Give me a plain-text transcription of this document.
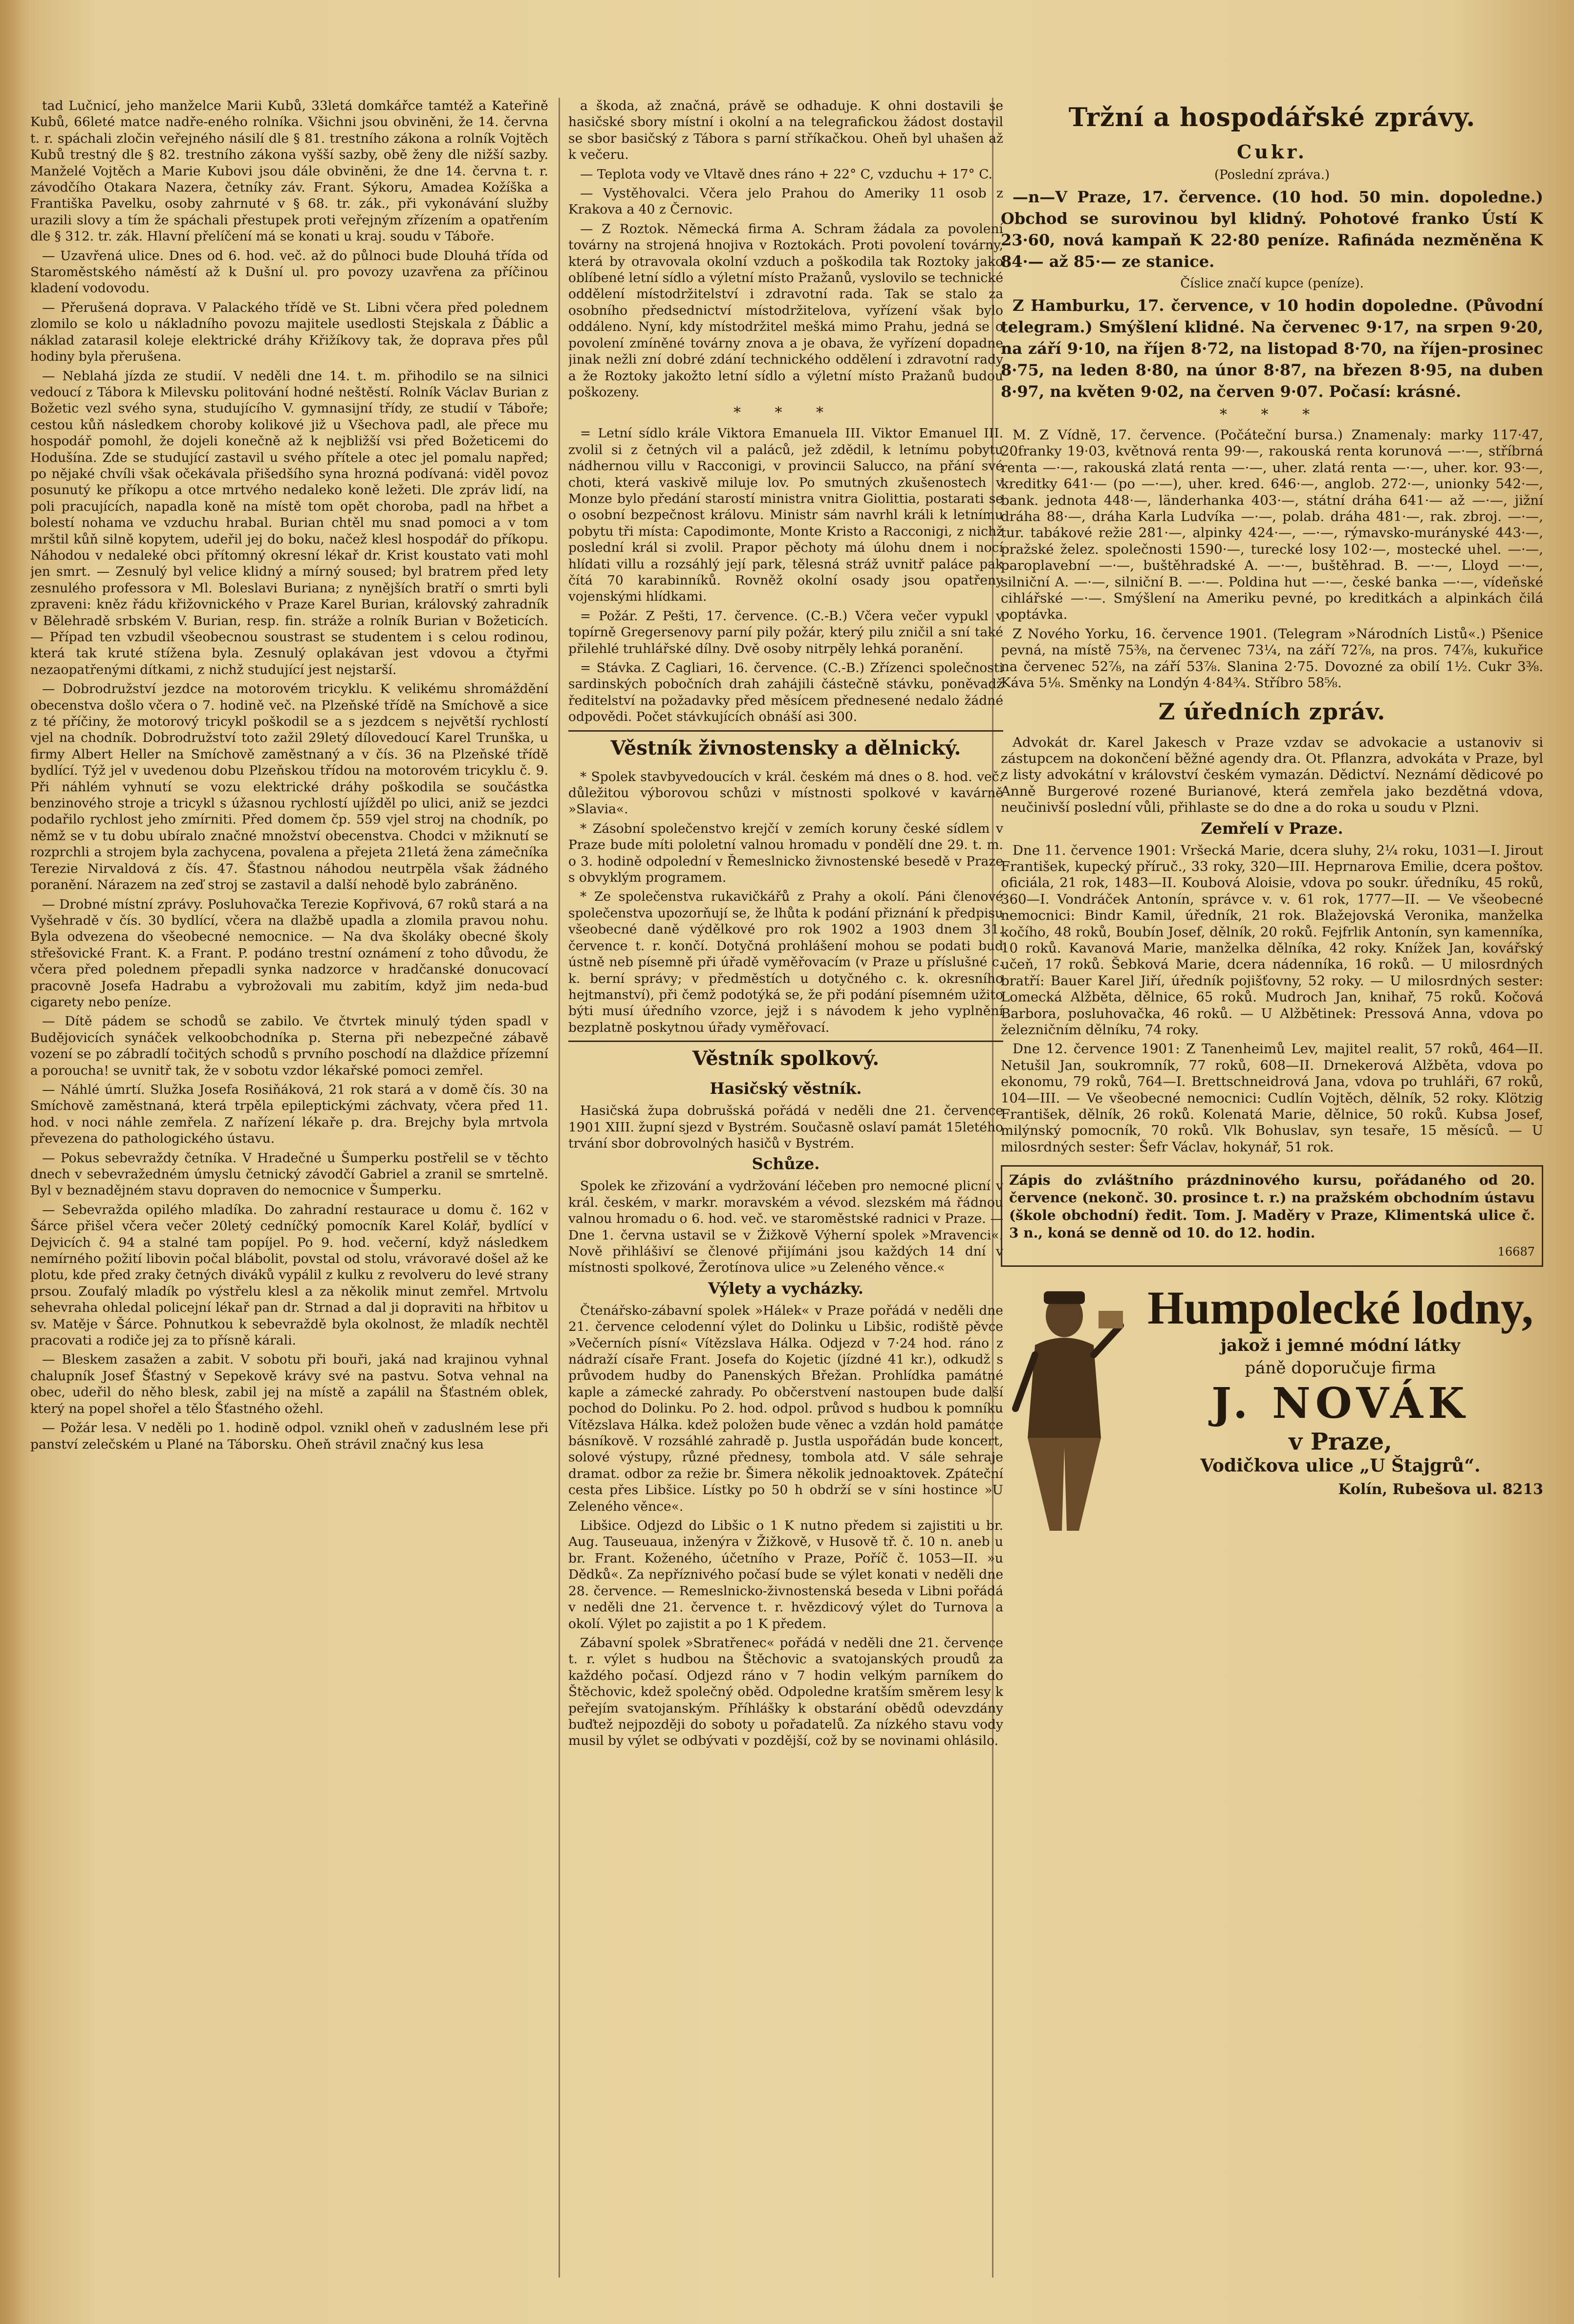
tad Lučnicí, jeho manželce Marii Kubů, 33letá domkářce tamtéž a Kateřině Kubů, 66leté matce nadře-eného rolníka. Všichni jsou obviněni, že 14. června t. r. spáchali zločin veřejného násilí dle § 81. trestního zákona a rolník Vojtěch Kubů trestný dle § 82. trestního zákona vyšší sazby, obě ženy dle nižší sazby. Manželé Vojtěch a Marie Kubovi jsou dále obviněni, že dne 14. června t. r. závodčího Otakara Nazera, četníky záv. Frant. Sýkoru, Amadea Kožíška a Františka Pavelku, osoby zahrnuté v § 68. tr. zák., při vykonávání služby urazili slovy a tím že spáchali přestupek proti veřejným zřízením a opatřením dle § 312. tr. zák. Hlavní přelíčení má se konati u kraj. soudu v Táboře.

— Uzavřená ulice. Dnes od 6. hod. več. až do půlnoci bude Dlouhá třída od Staroměstského náměstí až k Dušní ul. pro povozy uzavřena za příčinou kladení vodovodu.

— Přerušená doprava. V Palackého třídě ve St. Libni včera před polednem zlomilo se kolo u nákladního povozu majitele usedlosti Stejskala z Ďáblic a náklad zatarasil koleje elektrické dráhy Křižíkovy tak, že doprava přes půl hodiny byla přerušena.

— Neblahá jízda ze studií. V neděli dne 14. t. m. přihodilo se na silnici vedoucí z Tábora k Milevsku politování hodné neštěstí. Rolník Václav Burian z Božetic vezl svého syna, studujícího V. gymnasijní třídy, ze studií v Táboře; cestou kůň následkem choroby kolikové již u Všechova padl, ale přece mu hospodář pomohl, že dojeli konečně až k nejbližší vsi před Božeticemi do Hodušína. Zde se studující zastavil u svého přítele a otec jel pomalu napřed; po nějaké chvíli však očekávala přišedšího syna hrozná podívaná: viděl povoz posunutý ke příkopu a otce mrtvého nedaleko koně ležeti. Dle zpráv lidí, na poli pracujících, napadla koně na místě tom opět choroba, padl na hřbet a bolestí nohama ve vzduchu hrabal. Burian chtěl mu snad pomoci a v tom mrštil kůň silně kopytem, udeřil jej do boku, načež klesl hospodář do příkopu. Náhodou v nedaleké obci přítomný okresní lékař dr. Krist koustato vati mohl jen smrt. — Zesnulý byl velice klidný a mírný soused; byl bratrem před lety zesnulého professora v Ml. Boleslavi Buriana; z nynějších bratří o smrti byli zpraveni: kněz řádu křižovnického v Praze Karel Burian, královský zahradník v Bělehradě srbském V. Burian, resp. fin. stráže a rolník Burian v Božeticích. — Případ ten vzbudil všeobecnou soustrast se studentem i s celou rodinou, která tak kruté stížena byla. Zesnulý oplakávan jest vdovou a čtyřmi nezaopatřenými dítkami, z nichž studující jest nejstarší.

— Dobrodružství jezdce na motorovém tricyklu. K velikému shromáždění obecenstva došlo včera o 7. hodině več. na Plzeňské třídě na Smíchově a sice z té příčiny, že motorový tricykl poškodil se a s jezdcem s největší rychlostí vjel na chodník. Dobrodružství toto zažil 29letý dílovedoucí Karel Trunška, u firmy Albert Heller na Smíchově zaměstnaný a v čís. 36 na Plzeňské třídě bydlící. Týž jel v uvedenou dobu Plzeňskou třídou na motorovém tricyklu č. 9. Při náhlém vyhnutí se vozu elektrické dráhy poškodila se součástka benzinového stroje a tricykl s úžasnou rychlostí ujížděl po ulici, aniž se jezdci podařilo rychlost jeho zmírniti. Před domem čp. 559 vjel stroj na chodník, po němž se v tu dobu ubíralo značné množství obecenstva. Chodci v mžiknutí se rozprchli a strojem byla zachycena, povalena a přejeta 21letá žena zámečníka Terezie Nirvaldová z čís. 47. Šťastnou náhodou neutrpěla však žádného poranění. Nárazem na zeď stroj se zastavil a další nehodě bylo zabráněno.

— Drobné místní zprávy. Posluhovačka Terezie Kopřivová, 67 roků stará a na Vyšehradě v čís. 30 bydlící, včera na dlažbě upadla a zlomila pravou nohu. Byla odvezena do všeobecné nemocnice. — Na dva školáky obecné školy střešovické Frant. K. a Frant. P. podáno trestní oznámení z toho důvodu, že včera před polednem přepadli synka nadzorce v hradčanské donucovací pracovně Josefa Hadrabu a vybrožovali mu zabitím, když jim neda-bud cigarety nebo peníze.

— Dítě pádem se schodů se zabilo. Ve čtvrtek minulý týden spadl v Budějovicích synáček velkoobchodníka p. Sterna při nebezpečné zábavě vození se po zábradlí točitých schodů s prvního poschodí na dlaždice přízemní a poroucha! se uvnitř tak, že v sobotu vzdor lékařské pomoci zemřel.

— Náhlé úmrtí. Služka Josefa Rosiňáková, 21 rok stará a v domě čís. 30 na Smíchově zaměstnaná, která trpěla epileptickými záchvaty, včera před 11. hod. v noci náhle zemřela. Z nařízení lékaře p. dra. Brejchy byla mrtvola převezena do pathologického ústavu.

— Pokus sebevraždy četníka. V Hradečné u Šumperku postřelil se v těchto dnech v sebevražedném úmyslu četnický závodčí Gabriel a zranil se smrtelně. Byl v beznadějném stavu dopraven do nemocnice v Šumperku.

— Sebevražda opilého mladíka. Do zahradní restaurace u domu č. 162 v Šárce přišel včera večer 20letý cedníčký pomocník Karel Kolář, bydlící v Dejvicích č. 94 a stalné tam popíjel. Po 9. hod. večerní, když následkem nemírného požití libovin počal blábolit, povstal od stolu, vrávoravé došel až ke plotu, kde před zraky četných diváků vypálil z kulku z revolveru do levé strany prsou. Zoufalý mladík po výstřelu klesl a za několik minut zemřel. Mrtvolu sehevraha ohledal policejní lékař pan dr. Strnad a dal ji dopraviti na hřbitov u sv. Matěje v Šárce. Pohnutkou k sebevraždě byla okolnost, že mladík nechtěl pracovati a rodiče jej za to přísně kárali.

— Bleskem zasažen a zabit. V sobotu při bouři, jaká nad krajinou vyhnal chalupník Josef Šťastný v Sepekově krávy své na pastvu. Sotva vehnal na obec, udeřil do něho blesk, zabil jej na místě a zapálil na Šťastném oblek, který na popel shořel a tělo Šťastného ožehl.

— Požár lesa. V neděli po 1. hodině odpol. vznikl oheň v zaduslném lese při panství zelečském u Plané na Táborsku. Oheň strávil značný kus lesa

a škoda, až značná, právě se odhaduje. K ohni dostavili se hasičské sbory místní i okolní a na telegrafickou žádost dostavil se sbor basičský z Tábora s parní stříkačkou. Oheň byl uhašen až k večeru.

— Teplota vody ve Vltavě dnes ráno + 22° C, vzduchu + 17° C.

— Vystěhovalci. Včera jelo Prahou do Ameriky 11 osob z Krakova a 40 z Černovic.

— Z Roztok. Německá firma A. Schram žádala za povolení továrny na strojená hnojiva v Roztokách. Proti povolení továrny, která by otravovala okolní vzduch a poškodila tak Roztoky jako oblíbené letní sídlo a výletní místo Pražanů, vyslovilo se technické oddělení místodržitelství i zdravotní rada. Tak se stalo za osobního předsednictví místodržitelova, vyřízení však bylo oddáleno. Nyní, kdy místodržitel mešká mimo Prahu, jedná se o povolení zmíněné továrny znova a je obava, že vyřízení dopadne jinak nežli zní dobré zdání technického oddělení i zdravotní rady a že Roztoky jakožto letní sídlo a výletní místo Pražanů budou poškozeny.

* * *

= Letní sídlo krále Viktora Emanuela III. Viktor Emanuel III. zvolil si z četných vil a paláců, jež zdědil, k letnímu pobytu nádhernou villu v Racconigi, v provincii Salucco, na přání své choti, která vaskivě miluje lov. Po smutných zkušenostech v Monze bylo předání starostí ministra vnitra Giolittia, postarati se o osobní bezpečnost královu. Ministr sám navrhl králi k letnímu pobytu tři místa: Capodimonte, Monte Kristo a Racconigi, z nichž poslední král si zvolil. Prapor pěchoty má úlohu dnem i nocí hlídati villu a rozsáhlý její park, tělesná stráž uvnitř paláce pak čítá 70 karabinníků. Rovněž okolní osady jsou opatřeny vojenskými hlídkami.

= Požár. Z Pešti, 17. července. (C.-B.) Včera večer vypukl v topírně Gregersenovy parní pily požár, který pilu zničil a sní také přilehlé truhlářské dílny. Dvě osoby nitrpěly lehká poranění.

= Stávka. Z Cagliari, 16. července. (C.-B.) Zřízenci společnosti sardinských pobočních drah zahájili částečně stávku, poněvadž ředitelství na požadavky před měsícem přednesené nedalo žádné odpovědi. Počet stávkujících obnáší asi 300.

Věstník živnostensky a dělnický.

* Spolek stavbyvedoucích v král. českém má dnes o 8. hod. več. důležitou výborovou schůzi v místnosti spolkové v kavárně »Slavia«.

* Zásobní společenstvo krejčí v zemích koruny české sídlem v Praze bude míti pololetní valnou hromadu v pondělí dne 29. t. m. o 3. hodině odpolední v Řemeslnicko živnostenské besedě v Praze s obvyklým programem.

* Ze společenstva rukavičkářů z Prahy a okolí. Páni členové společenstva upozorňují se, že lhůta k podání přiznání k předpisu všeobecné daně výdělkové pro rok 1902 a 1903 dnem 31. července t. r. končí. Dotyčná prohlášení mohou se podati buď ústně neb písemně při úřadě vyměřovacím (v Praze u příslušné c. k. berní správy; v předměstích u dotyčného c. k. okresního hejtmanství), při čemž podotýká se, že při podání písemném užito býti musí úředního vzorce, jejž i s návodem k jeho vyplnění bezplatně poskytnou úřady vyměřovací.

Věstník spolkový.
Hasičský věstník.

Hasičská župa dobrušská pořádá v neděli dne 21. července 1901 XIII. župní sjezd v Bystrém. Současně oslaví památ 15letého trvání sbor dobrovolných hasičů v Bystrém.

Schůze.

Spolek ke zřizování a vydržování léčeben pro nemocné plicní v král. českém, v markr. moravském a vévod. slezském má řádnou valnou hromadu o 6. hod. več. ve staroměstské radnici v Praze. — Dne 1. června ustavil se v Žižkově Výherní spolek »Mravenci«. Nově přihlášiví se členové přijímáni jsou každých 14 dní v místnosti spolkové, Žerotínova ulice »u Zeleného věnce.«

Výlety a vycházky.

Čtenářsko-zábavní spolek »Hálek« v Praze pořádá v neděli dne 21. července celodenní výlet do Dolinku u Libšic, rodiště pěvce »Večerních písní« Vítězslava Hálka. Odjezd v 7·24 hod. ráno z nádraží císaře Frant. Josefa do Kojetic (jízdné 41 kr.), odkudž s průvodem hudby do Panenských Břežan. Prohlídka památné kaple a zámecké zahrady. Po občerstvení nastoupen bude další pochod do Dolinku. Po 2. hod. odpol. průvod s hudbou k pomníku Vítězslava Hálka. kdež položen bude věnec a vzdán hold památce básníkově. V rozsáhlé zahradě p. Justla uspořádán bude koncert, solové výstupy, různé přednesy, tombola atd. V sále sehraje dramat. odbor za režie br. Šimera několik jednoaktovek. Zpáteční cesta přes Libšice. Lístky po 50 h obdrží se v síni hostince »U Zeleného věnce«.

Libšice. Odjezd do Libšic o 1 K nutno předem si zajistiti u br. Aug. Tauseuaua, inženýra v Žižkově, v Husově tř. č. 10 n. aneb u br. Frant. Koženého, účetního v Praze, Poříč č. 1053—II. »u Dědků«. Za nepříznivého počasí bude se výlet konati v neděli dne 28. července. — Remeslnicko-živnostenská beseda v Libni pořádá v neděli dne 21. července t. r. hvězdicový výlet do Turnova a okolí. Výlet po zajistit a po 1 K předem.

Zábavní spolek »Sbratřenec« pořádá v neděli dne 21. července t. r. výlet s hudbou na Štěchovic a svatojanských proudů za každého počasí. Odjezd ráno v 7 hodin velkým parníkem do Štěchovic, kdež společný oběd. Odpoledne kratším směrem lesy k peřejím svatojanským. Příhlášky k obstarání obědů odevzdány buďtež nejpozději do soboty u pořadatelů. Za nízkého stavu vody musil by výlet se odbývati v pozdější, což by se novinami ohlásilo.

Tržní a hospodářské zprávy.
Cukr.
(Poslední zpráva.)
—n—V Praze, 17. července. (10 hod. 50 min. dopoledne.) Obchod se surovinou byl klidný. Pohotové franko Ústí K 23·60, nová kampaň K 22·80 peníze. Rafináda nezměněna K 84·— až 85·— ze stanice.
Číslice značí kupce (peníze).
Z Hamburku, 17. července, v 10 hodin dopoledne. (Původní telegram.) Smýšlení klidné. Na červenec 9·17, na srpen 9·20, na září 9·10, na říjen 8·72, na listopad 8·70, na říjen-prosinec 8·75, na leden 8·80, na únor 8·87, na březen 8·95, na duben 8·97, na květen 9·02, na červen 9·07. Počasí: krásné.
* * *

M. Z Vídně, 17. července. (Počáteční bursa.) Znamenaly: marky 117·47, 20franky 19·03, květnová renta 99·—, rakouská renta korunová —·—, stříbrná renta —·—, rakouská zlatá renta —·—, uher. zlatá renta —·—, uher. kor. 93·—, kreditky 641·— (po —·—), uher. kred. 646·—, anglob. 272·—, unionky 542·—, bank. jednota 448·—, länderhanka 403·—, státní dráha 641·— až —·—, jižní dráha 88·—, dráha Karla Ludvíka —·—, polab. dráha 481·—, rak. zbroj. —·—, tur. tabákové režie 281·—, alpinky 424·—, —·—, rýmavsko-murányské 443·—, pražské želez. společnosti 1590·—, turecké losy 102·—, mostecké uhel. —·—, paroplavební —·—, buštěhradské A. —·—, buštěhrad. B. —·—, Lloyd —·—, silniční A. —·—, silniční B. —·—. Poldina hut —·—, české bankа —·—, vídeňské cihlářské —·—. Smýšlení na Ameriku pevné, po kreditkách a alpinkách čilá poptávka.

Z Nového Yorku, 16. července 1901. (Telegram »Národních Listů«.) Pšenice pevná, na místě 75⅜, na červenec 73¼, na září 72⅞, na pros. 74⅞, kukuřice na červenec 52⅞, na září 53⅞. Slanina 2·75. Dovozné za obilí 1½. Cukr 3⅜. Káva 5⅛. Směnky na Londýn 4·84¾. Stříbro 58⅝.

Z úředních zpráv.

Advokát dr. Karel Jakesch v Praze vzdav se advokacie a ustanoviv si zástupcem na dokončení běžné agendy dra. Ot. Pflanzra, advokáta v Praze, byl z listy advokátní v království českém vymazán. Dědictví. Neznámí dědicové po Anně Burgerové rozené Burianové, která zemřela jako bezdětná vdova, neučinivší poslední vůli, přihlaste se do dne a do roka u soudu v Plzni.

Zemřelí v Praze.

Dne 11. července 1901: Vršecká Marie, dcera sluhy, 2¼ roku, 1031—I. Jirout František, kupecký příruč., 33 roky, 320—III. Heprnarova Emilie, dcera poštov. oficiála, 21 rok, 1483—II. Koubová Aloisie, vdova po soukr. úředníku, 45 roků, 360—I. Vondráček Antonín, správce v. v. 61 rok, 1777—II. — Ve všeobecné nemocnici: Bindr Kamil, úředník, 21 rok. Blažejovská Veronika, manželka kočího, 48 roků, Boubín Josef, dělník, 20 roků. Fejfrlik Antonín, syn kamenníka, 10 roků. Kavanová Marie, manželka dělníka, 42 roky. Knížek Jan, kovářský učeň, 17 roků. Šebková Marie, dcera nádenníka, 16 roků. — U milosrdných bratří: Bauer Karel Jiří, úředník pojišťovny, 52 roky. — U milosrdných sester: Lomecká Alžběta, dělnice, 65 roků. Mudroch Jan, knihař, 75 roků. Kočová Barbora, posluhovačka, 46 roků. — U Alžbětinek: Pressová Anna, vdova po železničním dělníku, 74 roky.

Dne 12. července 1901: Z Tanenheimů Lev, majitel realit, 57 roků, 464—II. Netušil Jan, soukromník, 77 roků, 608—II. Drnekerová Alžběta, vdova po ekonomu, 79 roků, 764—I. Brettschneidrová Jana, vdova po truhláři, 67 roků, 104—III. — Ve všeobecné nemocnici: Cudlín Vojtěch, dělník, 52 roky. Klötzig František, dělník, 26 roků. Kolenatá Marie, dělnice, 50 roků. Kubsa Josef, milýnský pomocník, 70 roků. Vlk Bohuslav, syn tesaře, 15 měsíců. — U milosrdných sester: Šefr Václav, hokynář, 51 rok.

Zápis do zvláštního prázdninového kursu, pořádaného od 20. července (nekonč. 30. prosince t. r.) na pražském obchodním ústavu (škole obchodní) ředit. Tom. J. Maděry v Praze, Klimentská ulice č. 3 n., koná se denně od 10. do 12. hodin.

16687
Humpolecké lodny,
jakož i jemné módní látky
páně doporučuje firma
J. NOVÁK
v Praze,
Vodičkova ulice „U Štajgrů“.
Kolín, Rubešova ul. 8213
